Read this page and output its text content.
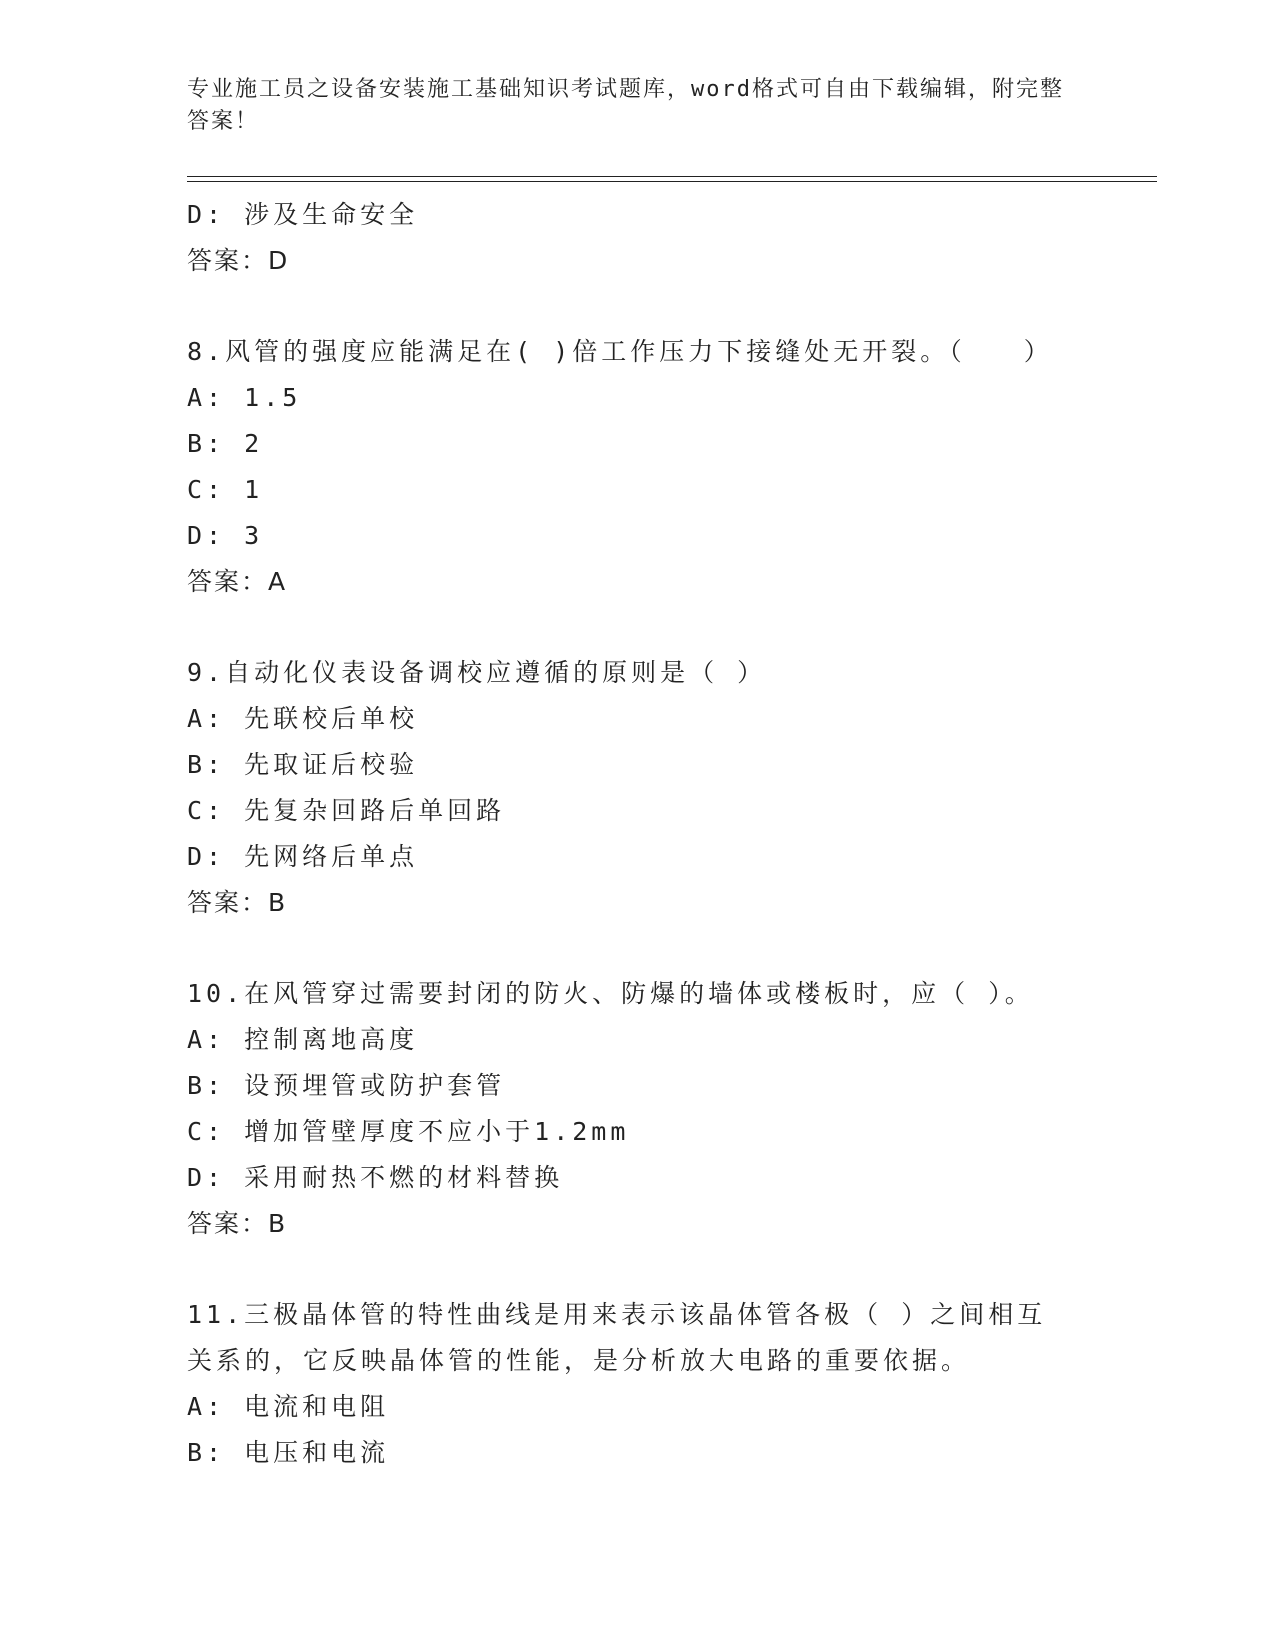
专业施工员之设备安装施工基础知识考试题库，word格式可自由下载编辑，附完整答案！
D: 涉及生命安全
答案：D
8.风管的强度应能满足在( )倍工作压力下接缝处无开裂。（　　）
A: 1.5
B: 2
C: 1
D: 3
答案：A
9.自动化仪表设备调校应遵循的原则是（ ）
A: 先联校后单校
B: 先取证后校验
C: 先复杂回路后单回路
D: 先网络后单点
答案：B
10.在风管穿过需要封闭的防火、防爆的墙体或楼板时，应（ ）。
A: 控制离地高度
B: 设预埋管或防护套管
C: 增加管壁厚度不应小于1.2mm
D: 采用耐热不燃的材料替换
答案：B
11.三极晶体管的特性曲线是用来表示该晶体管各极（ ）之间相互关系的，它反映晶体管的性能，是分析放大电路的重要依据。
A: 电流和电阻
B: 电压和电流
